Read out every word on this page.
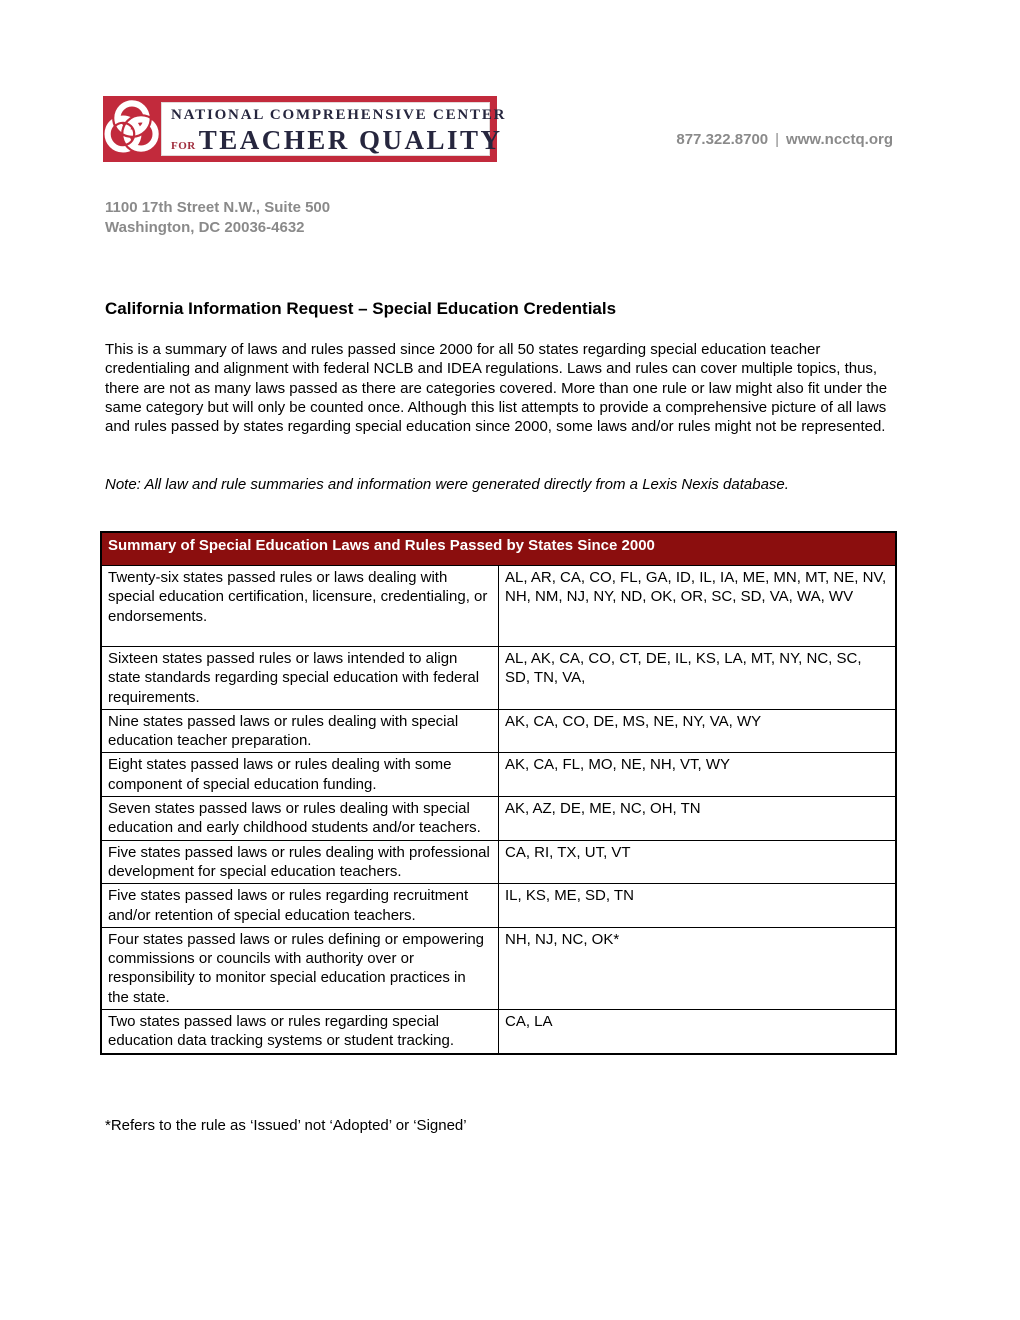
NATIONAL COMPREHENSIVE CENTER
FOR TEACHER QUALITY	877.322.8700 | www.ncctq.org
1100 17th Street N.W., Suite 500
Washington, DC 20036-4632
California Information Request – Special Education Credentials
This is a summary of laws and rules passed since 2000 for all 50 states regarding special education teacher credentialing and alignment with federal NCLB and IDEA regulations. Laws and rules can cover multiple topics, thus, there are not as many laws passed as there are categories covered. More than one rule or law might also fit under the same category but will only be counted once. Although this list attempts to provide a comprehensive picture of all laws and rules passed by states regarding special education since 2000, some laws and/or rules might not be represented.
Note: All law and rule summaries and information were generated directly from a Lexis Nexis database.
Summary of Special Education Laws and Rules Passed by States Since 2000	
Twenty-six states passed rules or laws dealing with special education certification, licensure, credentialing, or endorsements.	AL, AR, CA, CO, FL, GA, ID, IL, IA, ME, MN, MT, NE, NV, NH, NM, NJ, NY, ND, OK, OR, SC, SD, VA, WA, WV
Sixteen states passed rules or laws intended to align state standards regarding special education with federal requirements.	AL, AK, CA, CO, CT, DE, IL, KS, LA, MT, NY, NC, SC, SD, TN, VA,
Nine states passed laws or rules dealing with special education teacher preparation.	AK, CA, CO, DE, MS, NE, NY, VA, WY
Eight states passed laws or rules dealing with some component of special education funding.	AK, CA, FL, MO, NE, NH, VT, WY
Seven states passed laws or rules dealing with special education and early childhood students and/or teachers.	AK, AZ, DE, ME, NC, OH, TN
Five states passed laws or rules dealing with professional development for special education teachers.	CA, RI, TX, UT, VT
Five states passed laws or rules regarding recruitment and/or retention of special education teachers.	IL, KS, ME, SD, TN
Four states passed laws or rules defining or empowering commissions or councils with authority over or responsibility to monitor special education practices in the state.	NH, NJ, NC, OK*
Two states passed laws or rules regarding special education data tracking systems or student tracking.	CA, LA
*Refers to the rule as ‘Issued’ not ‘Adopted’ or ‘Signed’
